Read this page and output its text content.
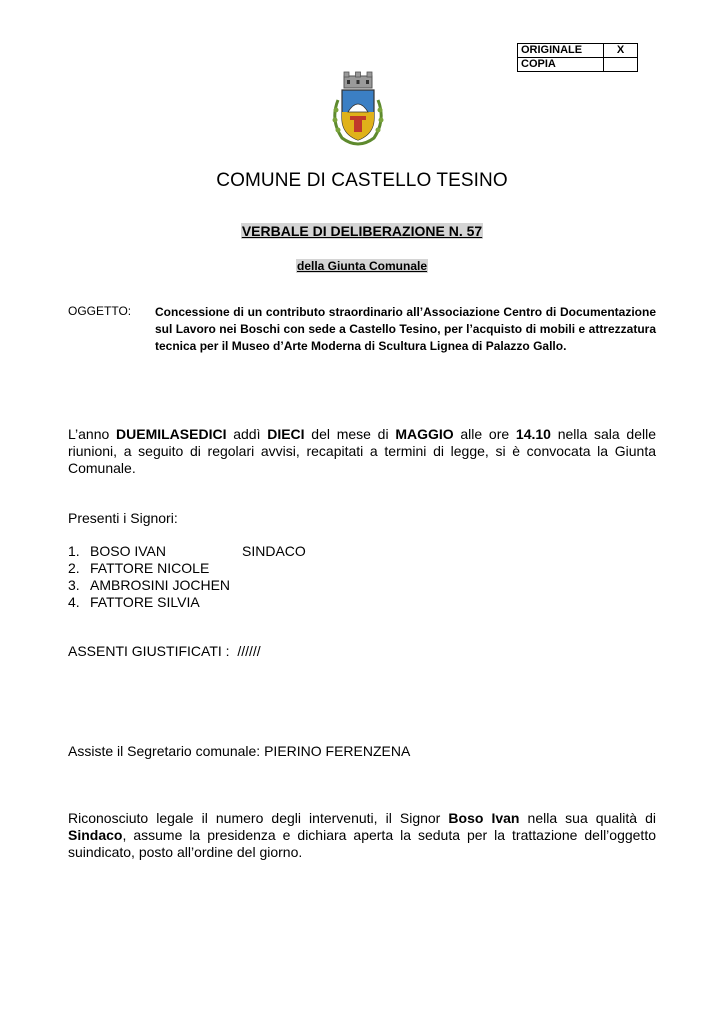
ORIGINALE	X
COPIA	
COMUNE DI CASTELLO TESINO
VERBALE DI DELIBERAZIONE N. 57
della Giunta Comunale
OGGETTO: Concessione di un contributo straordinario all’Associazione Centro di Documentazione sul Lavoro nei Boschi con sede a Castello Tesino, per l’acquisto di mobili e attrezzatura tecnica per il Museo d’Arte Moderna di Scultura Lignea di Palazzo Gallo.
L’anno DUEMILASEDICI addì DIECI del mese di MAGGIO alle ore 14.10 nella sala delle riunioni, a seguito di regolari avvisi, recapitati a termini di legge, si è convocata la Giunta Comunale.
Presenti i Signori:
1. BOSO IVAN	SINDACO
2. FATTORE NICOLE
3. AMBROSINI JOCHEN
4. FATTORE SILVIA
ASSENTI GIUSTIFICATI : //////
Assiste il Segretario comunale: PIERINO FERENZENA
Riconosciuto legale il numero degli intervenuti, il Signor Boso Ivan nella sua qualità di Sindaco, assume la presidenza e dichiara aperta la seduta per la trattazione dell’oggetto suindicato, posto all’ordine del giorno.
